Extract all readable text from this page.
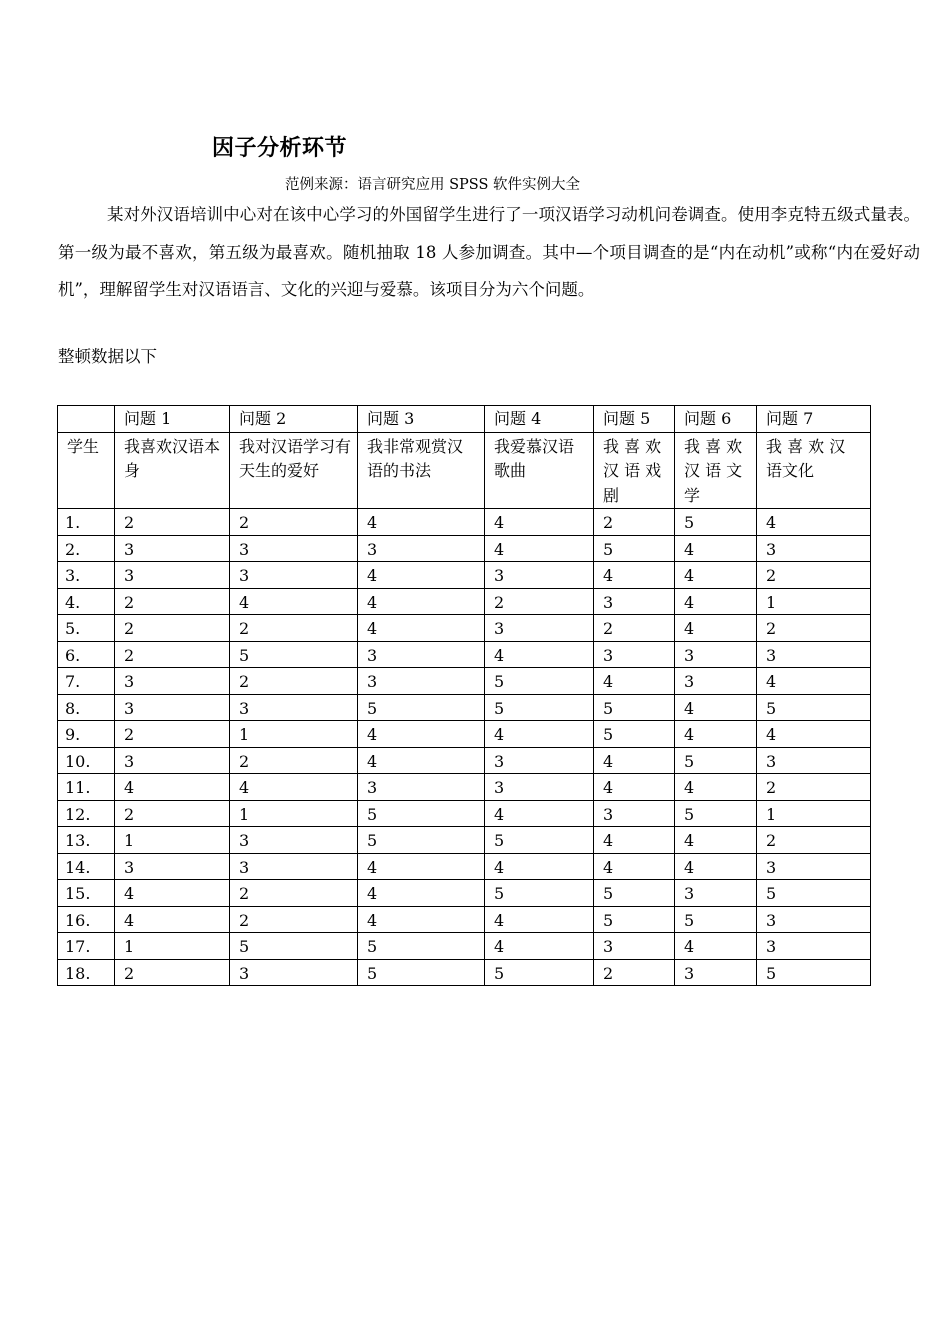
因子分析环节
范例来源：语言研究应用 SPSS 软件实例大全

某对外汉语培训中心对在该中心学习的外国留学生进行了一项汉语学习动机问卷调查。使用李克特五级式量表。第一级为最不喜欢，第五级为最喜欢。随机抽取 18 人参加调查。其中—个项目调查的是“内在动机”或称“内在爱好动机”，理解留学生对汉语语言、文化的兴迎与爱慕。该项目分为六个问题。

整顿数据以下
	问题 1	问题 2	问题 3	问题 4	问题 5	问题 6	问题 7
学生	我喜欢汉语本身	我对汉语学习有天生的爱好	我非常观赏汉语的书法	我爱慕汉语歌曲	我 喜 欢 汉 语 戏 剧	我 喜 欢 汉 语 文 学	我 喜 欢 汉 语文化
1.	2	2	4	4	2	5	4
2.	3	3	3	4	5	4	3
3.	3	3	4	3	4	4	2
4.	2	4	4	2	3	4	1
5.	2	2	4	3	2	4	2
6.	2	5	3	4	3	3	3
7.	3	2	3	5	4	3	4
8.	3	3	5	5	5	4	5
9.	2	1	4	4	5	4	4
10.	3	2	4	3	4	5	3
11.	4	4	3	3	4	4	2
12.	2	1	5	4	3	5	1
13.	1	3	5	5	4	4	2
14.	3	3	4	4	4	4	3
15.	4	2	4	5	5	3	5
16.	4	2	4	4	5	5	3
17.	1	5	5	4	3	4	3
18.	2	3	5	5	2	3	5
